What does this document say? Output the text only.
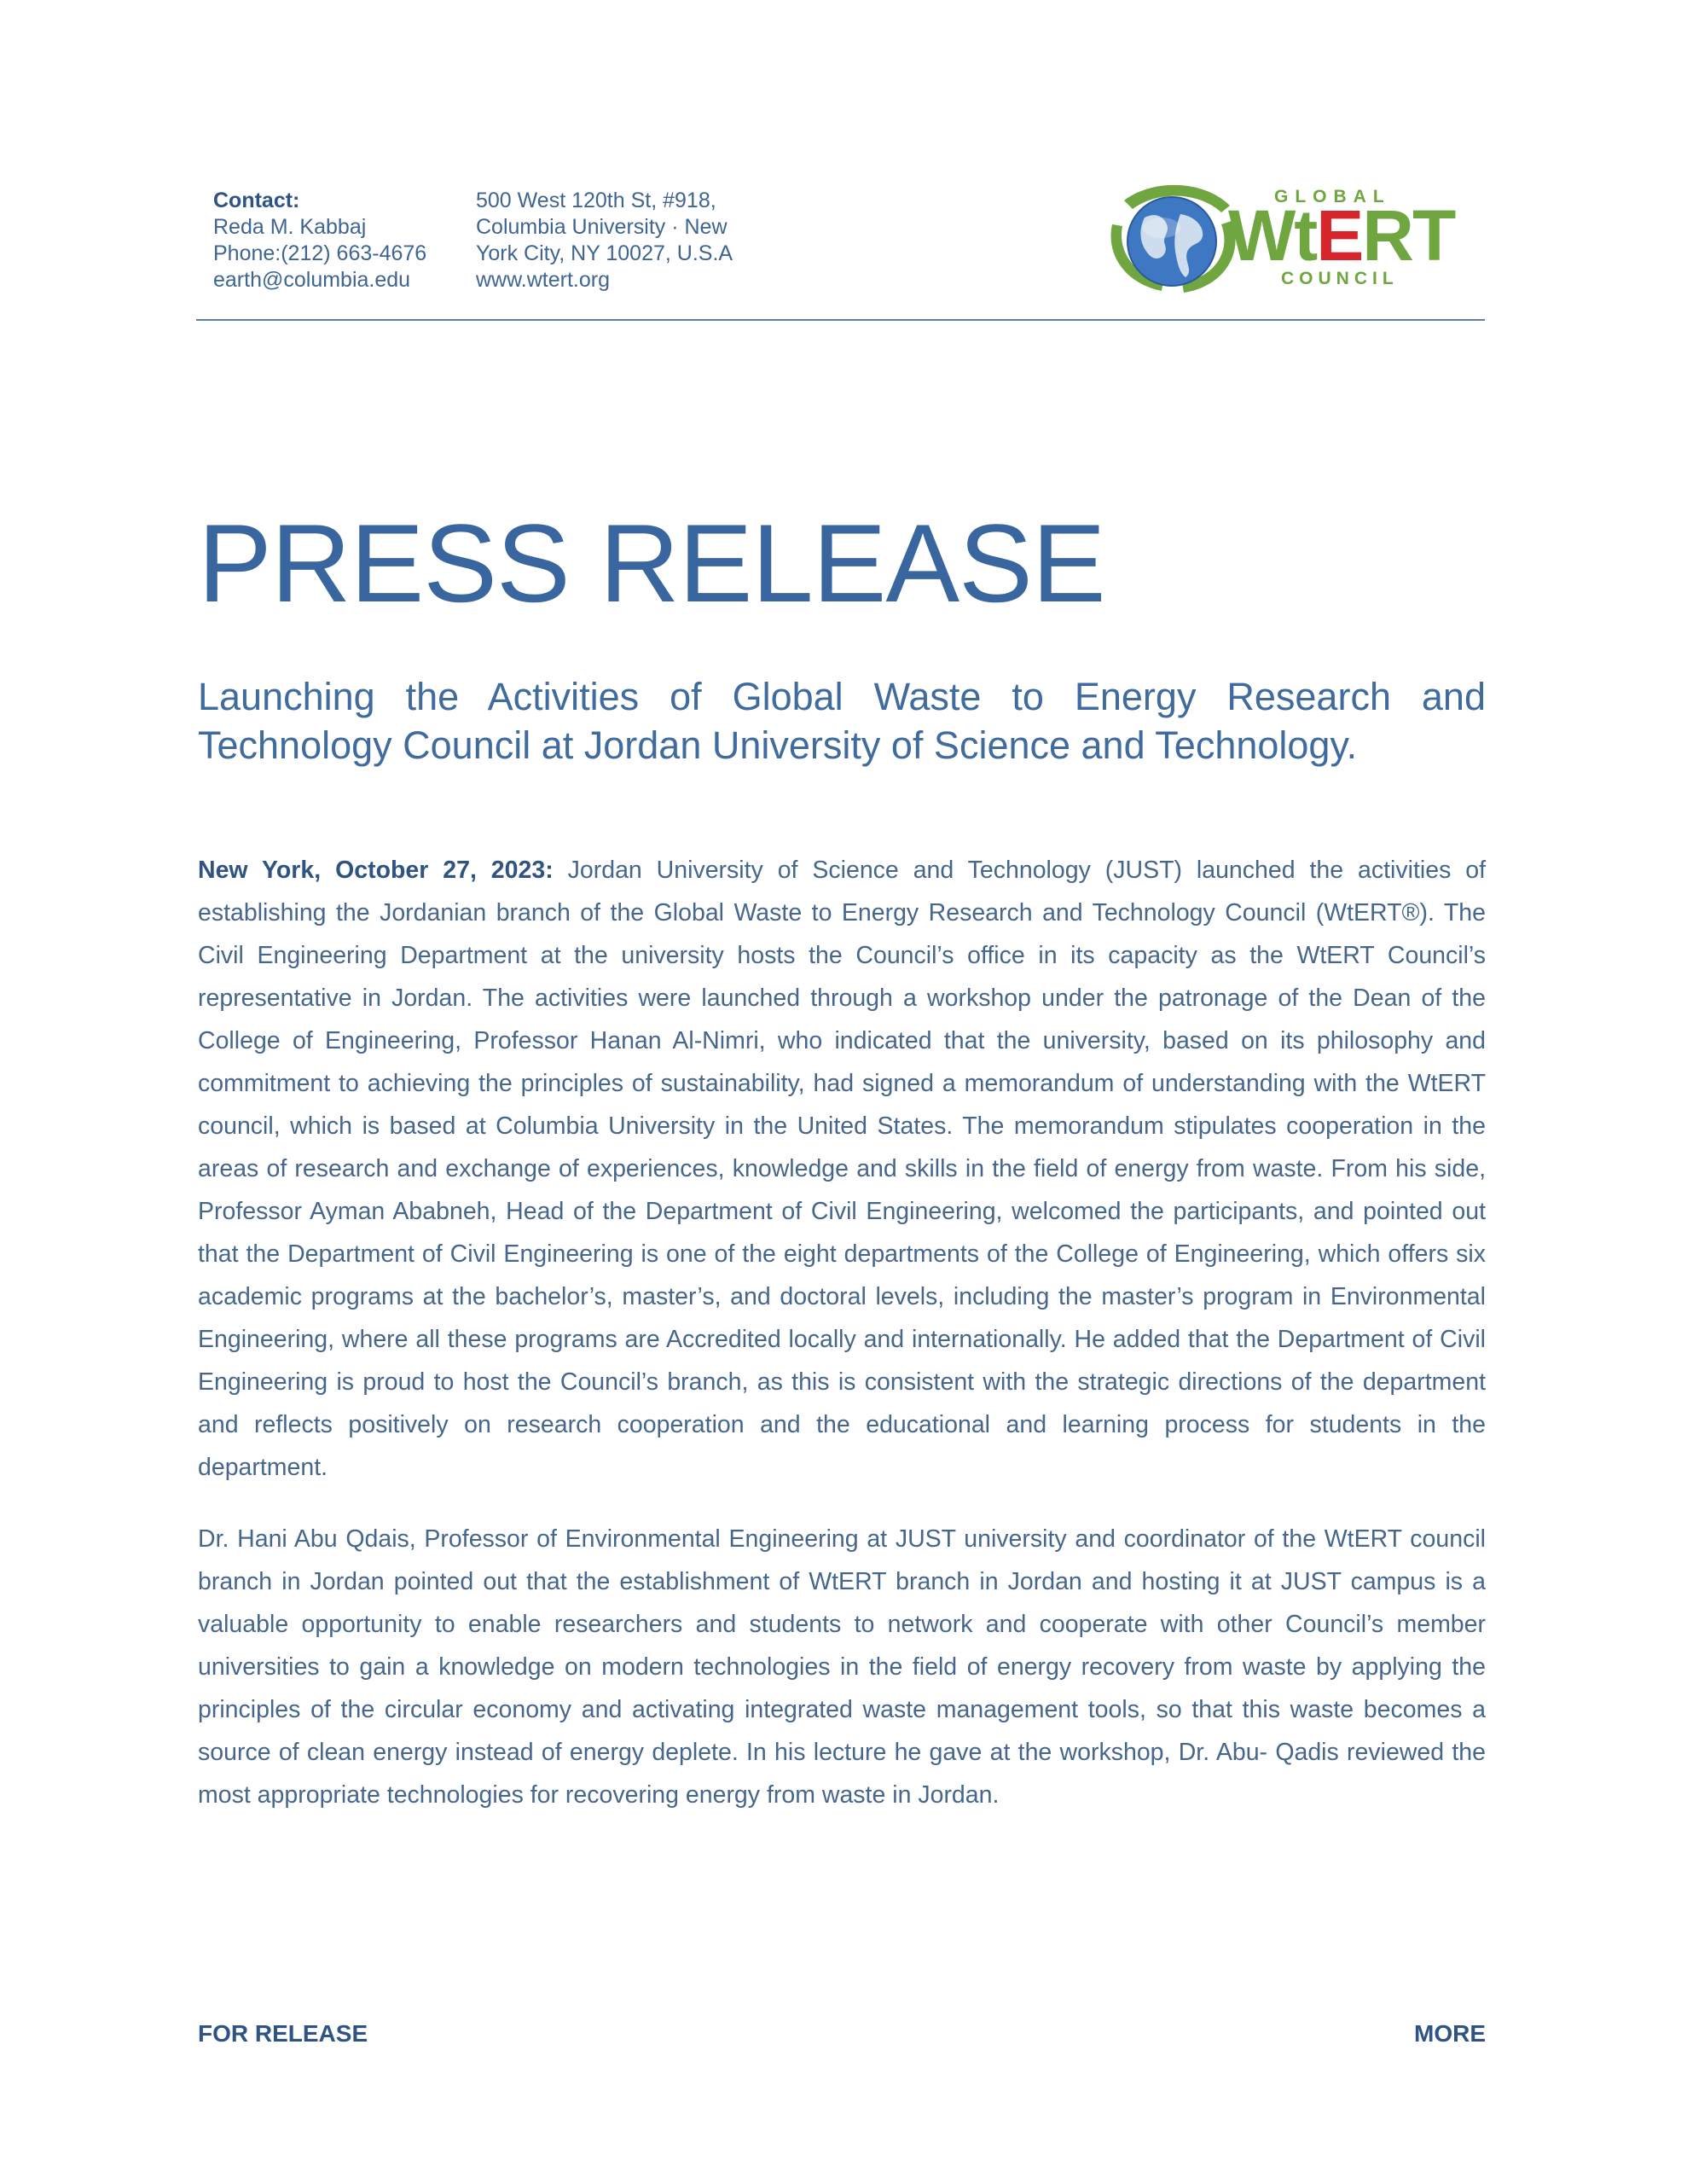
Contact:
Reda M. Kabbaj
Phone:(212) 663-4676
earth@columbia.edu
500 West 120th St, #918,
Columbia University · New
York City, NY 10027, U.S.A
www.wtert.org
GLOBAL
WtERT
COUNCIL
PRESS RELEASE
Launching the Activities of Global Waste to Energy Research and Technology Council at Jordan University of Science and Technology.

New York, October 27, 2023: Jordan University of Science and Technology (JUST) launched the activities of establishing the Jordanian branch of the Global Waste to Energy Research and Technology Council (WtERT®). The Civil Engineering Department at the university hosts the Council’s office in its capacity as the WtERT Council’s representative in Jordan. The activities were launched through a workshop under the patronage of the Dean of the College of Engineering, Professor Hanan Al-Nimri, who indicated that the university, based on its philosophy and commitment to achieving the principles of sustainability, had signed a memorandum of understanding with the WtERT council, which is based at Columbia University in the United States. The memorandum stipulates cooperation in the areas of research and exchange of experiences, knowledge and skills in the field of energy from waste. From his side, Professor Ayman Ababneh, Head of the Department of Civil Engineering, welcomed the participants, and pointed out that the Department of Civil Engineering is one of the eight departments of the College of Engineering, which offers six academic programs at the bachelor’s, master’s, and doctoral levels, including the master’s program in Environmental Engineering, where all these programs are Accredited locally and internationally. He added that the Department of Civil Engineering is proud to host the Council’s branch, as this is consistent with the strategic directions of the department and reflects positively on research cooperation and the educational and learning process for students in the department.

Dr. Hani Abu Qdais, Professor of Environmental Engineering at JUST university and coordinator of the WtERT council branch in Jordan pointed out that the establishment of WtERT branch in Jordan and hosting it at JUST campus is a valuable opportunity to enable researchers and students to network and cooperate with other Council’s member universities to gain a knowledge on modern technologies in the field of energy recovery from waste by applying the principles of the circular economy and activating integrated waste management tools, so that this waste becomes a source of clean energy instead of energy deplete. In his lecture he gave at the workshop, Dr. Abu- Qadis reviewed the most appropriate technologies for recovering energy from waste in Jordan.

FOR RELEASE	MORE
